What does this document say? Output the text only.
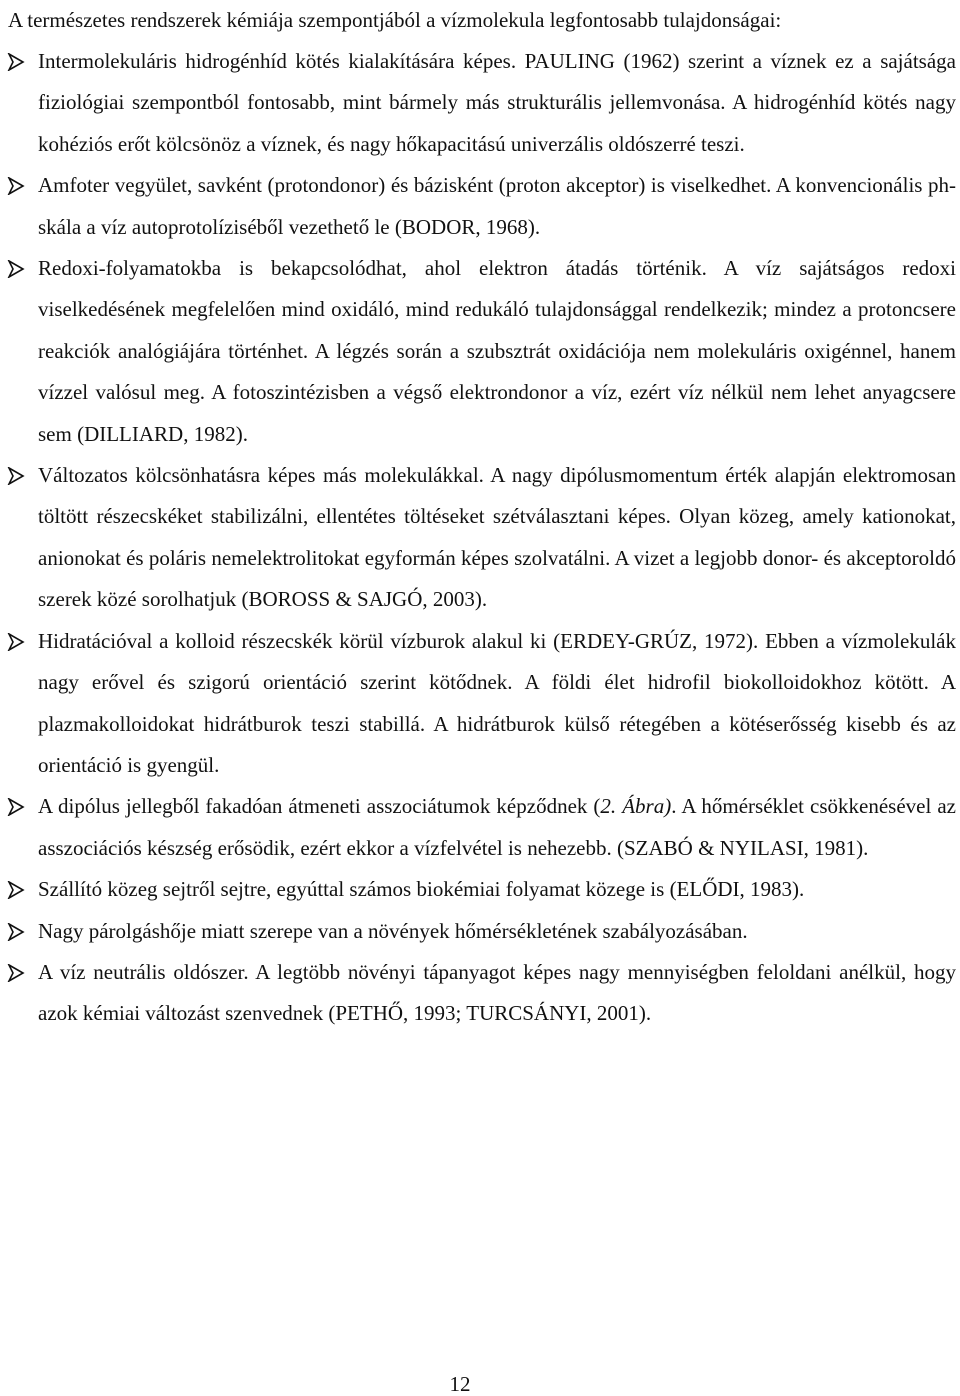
A természetes rendszerek kémiája szempontjából a vízmolekula legfontosabb tulajdonságai:

Intermolekuláris hidrogénhíd kötés kialakítására képes. PAULING (1962) szerint a víznek ez a sajátsága fiziológiai szempontból fontosabb, mint bármely más strukturális jellemvonása. A hidrogénhíd kötés nagy kohéziós erőt kölcsönöz a víznek, és nagy hőkapacitású univerzális oldószerré teszi.
Amfoter vegyület, savként (protondonor) és bázisként (proton akceptor) is viselkedhet. A konvencionális ph-skála a víz autoprotolíziséből vezethető le (BODOR, 1968).
Redoxi-folyamatokba is bekapcsolódhat, ahol elektron átadás történik. A víz sajátságos redoxi viselkedésének megfelelően mind oxidáló, mind redukáló tulajdonsággal rendelkezik; mindez a protoncsere reakciók analógiájára történhet. A légzés során a szubsztrát oxidációja nem molekuláris oxigénnel, hanem vízzel valósul meg. A fotoszintézisben a végső elektrondonor a víz, ezért víz nélkül nem lehet anyagcsere sem (DILLIARD, 1982).
Változatos kölcsönhatásra képes más molekulákkal. A nagy dipólusmomentum érték alapján elektromosan töltött részecskéket stabilizálni, ellentétes töltéseket szétválasztani képes. Olyan közeg, amely kationokat, anionokat és poláris nemelektrolitokat egyformán képes szolvatálni. A vizet a legjobb donor- és akceptoroldó szerek közé sorolhatjuk (BOROSS & SAJGÓ, 2003).
Hidratációval a kolloid részecskék körül vízburok alakul ki (ERDEY-GRÚZ, 1972). Ebben a vízmolekulák nagy erővel és szigorú orientáció szerint kötődnek. A földi élet hidrofil biokolloidokhoz kötött. A plazmakolloidokat hidrátburok teszi stabillá. A hidrátburok külső rétegében a kötéserősség kisebb és az orientáció is gyengül.
A dipólus jellegből fakadóan átmeneti asszociátumok képződnek (2. Ábra). A hőmérséklet csökkenésével az asszociációs készség erősödik, ezért ekkor a vízfelvétel is nehezebb. (SZABÓ & NYILASI, 1981).
Szállító közeg sejtről sejtre, egyúttal számos biokémiai folyamat közege is (ELŐDI, 1983).
Nagy párolgáshője miatt szerepe van a növények hőmérsékletének szabályozásában.
A víz neutrális oldószer. A legtöbb növényi tápanyagot képes nagy mennyiségben feloldani anélkül, hogy azok kémiai változást szenvednek (PETHŐ, 1993; TURCSÁNYI, 2001).
12
